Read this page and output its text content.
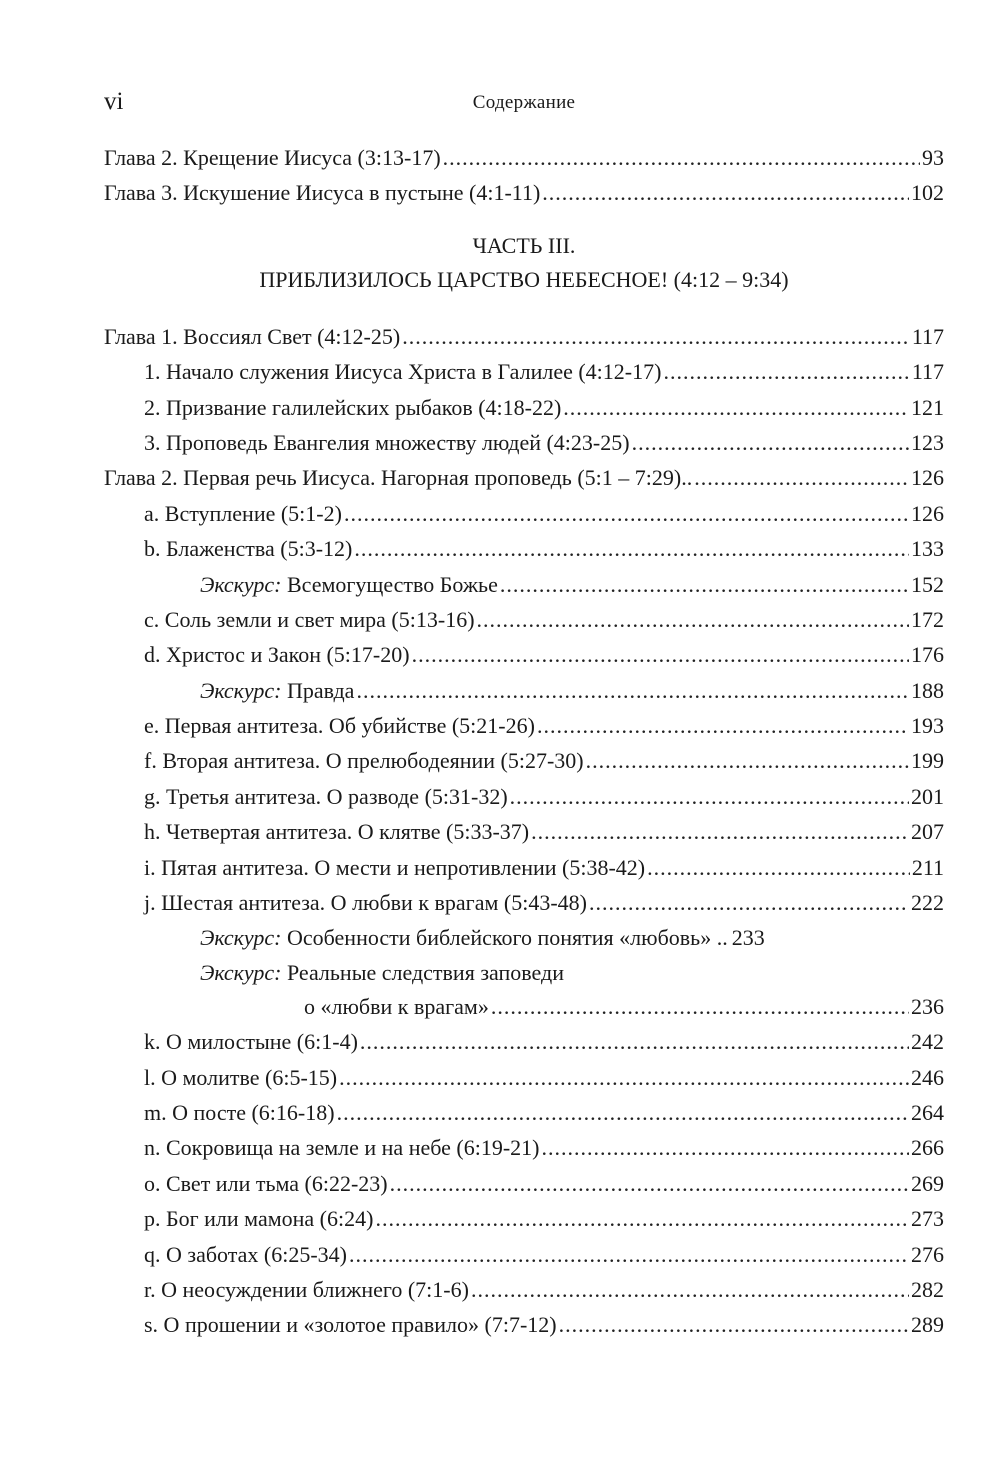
vi	Содержание
Глава 2. Крещение Иисуса (3:13-17) .....	93
Глава 3. Искушение Иисуса в пустыне (4:1-11) .....	102
ЧАСТЬ III.
ПРИБЛИЗИЛОСЬ ЦАРСТВО НЕБЕСНОЕ! (4:12 – 9:34)
Глава 1. Воссиял Свет (4:12-25) .....	117
1. Начало служения Иисуса Христа в Галилее (4:12-17) .....	117
2. Призвание галилейских рыбаков (4:18-22) .....	121
3. Проповедь Евангелия множеству людей (4:23-25) .....	123
Глава 2. Первая речь Иисуса. Нагорная проповедь (5:1 – 7:29).. .....	126
a. Вступление (5:1-2) .....	126
b. Блаженства (5:3-12) .....	133
Экскурс: Всемогущество Божье .....	152
c. Соль земли и свет мира (5:13-16) .....	172
d. Христос и Закон (5:17-20) .....	176
Экскурс: Правда .....	188
e. Первая антитеза. Об убийстве (5:21-26) .....	193
f. Вторая антитеза. О прелюбодеянии (5:27-30) .....	199
g. Третья антитеза. О разводе (5:31-32) .....	201
h. Четвертая антитеза. О клятве (5:33-37) .....	207
i. Пятая антитеза. О мести и непротивлении (5:38-42) .....	211
j. Шестая антитеза. О любви к врагам (5:43-48) .....	222
Экскурс: Особенности библейского понятия «любовь» .. 233
Экскурс: Реальные следствия заповеди
о «любви к врагам» .....	236
k. О милостыне (6:1-4) .....	242
l. О молитве (6:5-15) .....	246
m. О посте (6:16-18) .....	264
n. Сокровища на земле и на небе (6:19-21) .....	266
o. Свет или тьма (6:22-23) .....	269
p. Бог или мамона (6:24) .....	273
q. О заботах (6:25-34) .....	276
r. О неосуждении ближнего (7:1-6) .....	282
s. О прошении и «золотое правило» (7:7-12) .....	289
